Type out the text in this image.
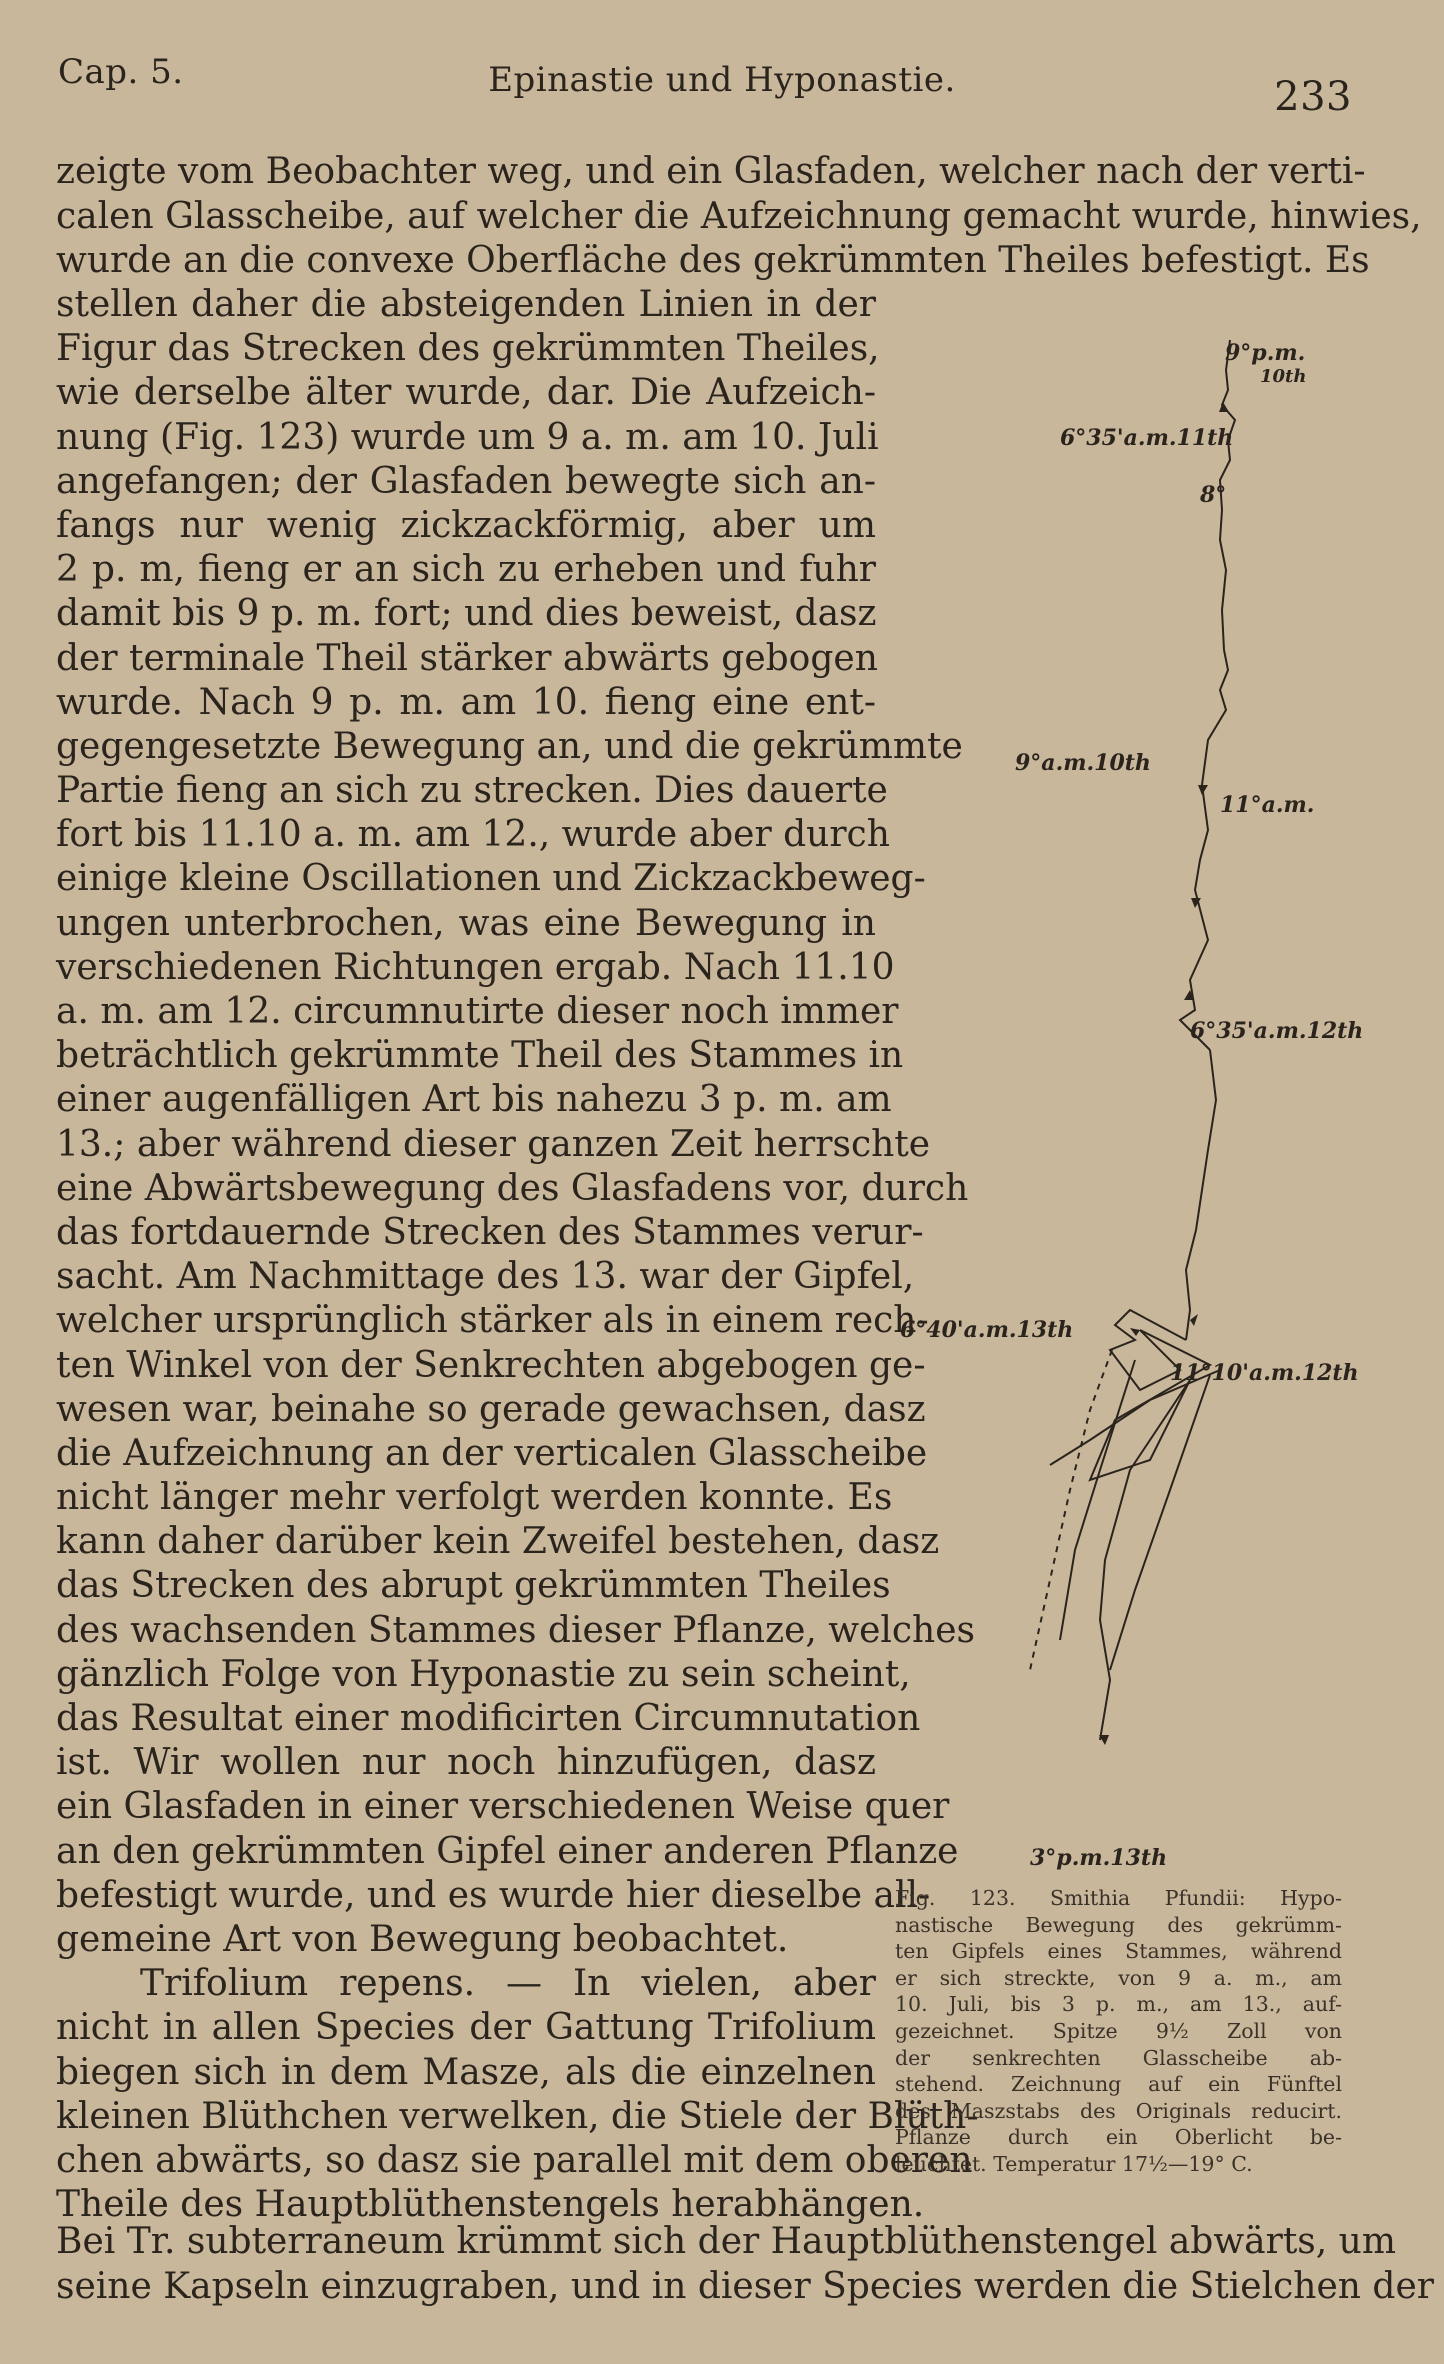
Cap. 5.	Epinastie und Hyponastie.	233
zeigte vom Beobachter weg, und ein Glasfaden, welcher nach der verti-
calen Glasscheibe, auf welcher die Aufzeichnung gemacht wurde, hinwies,
wurde an die convexe Oberfläche des gekrümmten Theiles befestigt. Es
stellen daher die absteigenden Linien in der
Figur das Strecken des gekrümmten Theiles,
wie derselbe älter wurde, dar. Die Aufzeich-
nung (Fig. 123) wurde um 9 a. m. am 10. Juli
angefangen; der Glasfaden bewegte sich an-
fangs nur wenig zickzackförmig, aber um
2 p. m, fieng er an sich zu erheben und fuhr
damit bis 9 p. m. fort; und dies beweist, dasz
der terminale Theil stärker abwärts gebogen
wurde. Nach 9 p. m. am 10. fieng eine ent-
gegengesetzte Bewegung an, und die gekrümmte
Partie fieng an sich zu strecken. Dies dauerte
fort bis 11.10 a. m. am 12., wurde aber durch
einige kleine Oscillationen und Zickzackbeweg-
ungen unterbrochen, was eine Bewegung in
verschiedenen Richtungen ergab. Nach 11.10
a. m. am 12. circumnutirte dieser noch immer
beträchtlich gekrümmte Theil des Stammes in
einer augenfälligen Art bis nahezu 3 p. m. am
13.; aber während dieser ganzen Zeit herrschte
eine Abwärtsbewegung des Glasfadens vor, durch
das fortdauernde Strecken des Stammes verur-
sacht. Am Nachmittage des 13. war der Gipfel,
welcher ursprünglich stärker als in einem rech-
ten Winkel von der Senkrechten abgebogen ge-
wesen war, beinahe so gerade gewachsen, dasz
die Aufzeichnung an der verticalen Glasscheibe
nicht länger mehr verfolgt werden konnte. Es
kann daher darüber kein Zweifel bestehen, dasz
das Strecken des abrupt gekrümmten Theiles
des wachsenden Stammes dieser Pflanze, welches
gänzlich Folge von Hyponastie zu sein scheint,
das Resultat einer modificirten Circumnutation
ist. Wir wollen nur noch hinzufügen, dasz
ein Glasfaden in einer verschiedenen Weise quer
an den gekrümmten Gipfel einer anderen Pflanze
befestigt wurde, und es wurde hier dieselbe all-
gemeine Art von Bewegung beobachtet.
Trifolium repens. — In vielen, aber
nicht in allen Species der Gattung Trifolium
biegen sich in dem Masze, als die einzelnen
kleinen Blüthchen verwelken, die Stiele der Blüth-
chen abwärts, so dasz sie parallel mit dem oberen
Theile des Hauptblüthenstengels herabhängen.
9°p.m.
10th
6°35'a.m.11th
8°
9°a.m.10th
11°a.m.
6°35'a.m.12th
6°40'a.m.13th
11°10'a.m.12th
3°p.m.13th
Fig. 123. Smithia Pfundii: Hypo-
nastische Bewegung des gekrümm-
ten Gipfels eines Stammes, während
er sich streckte, von 9 a. m., am
10. Juli, bis 3 p. m., am 13., auf-
gezeichnet. Spitze 9½ Zoll von
der senkrechten Glasscheibe ab-
stehend. Zeichnung auf ein Fünftel
des Maszstabs des Originals reducirt.
Pflanze durch ein Oberlicht be-
leuchtet. Temperatur 17½—19° C.
Bei Tr. subterraneum krümmt sich der Hauptblüthenstengel abwärts, um
seine Kapseln einzugraben, und in dieser Species werden die Stielchen der
